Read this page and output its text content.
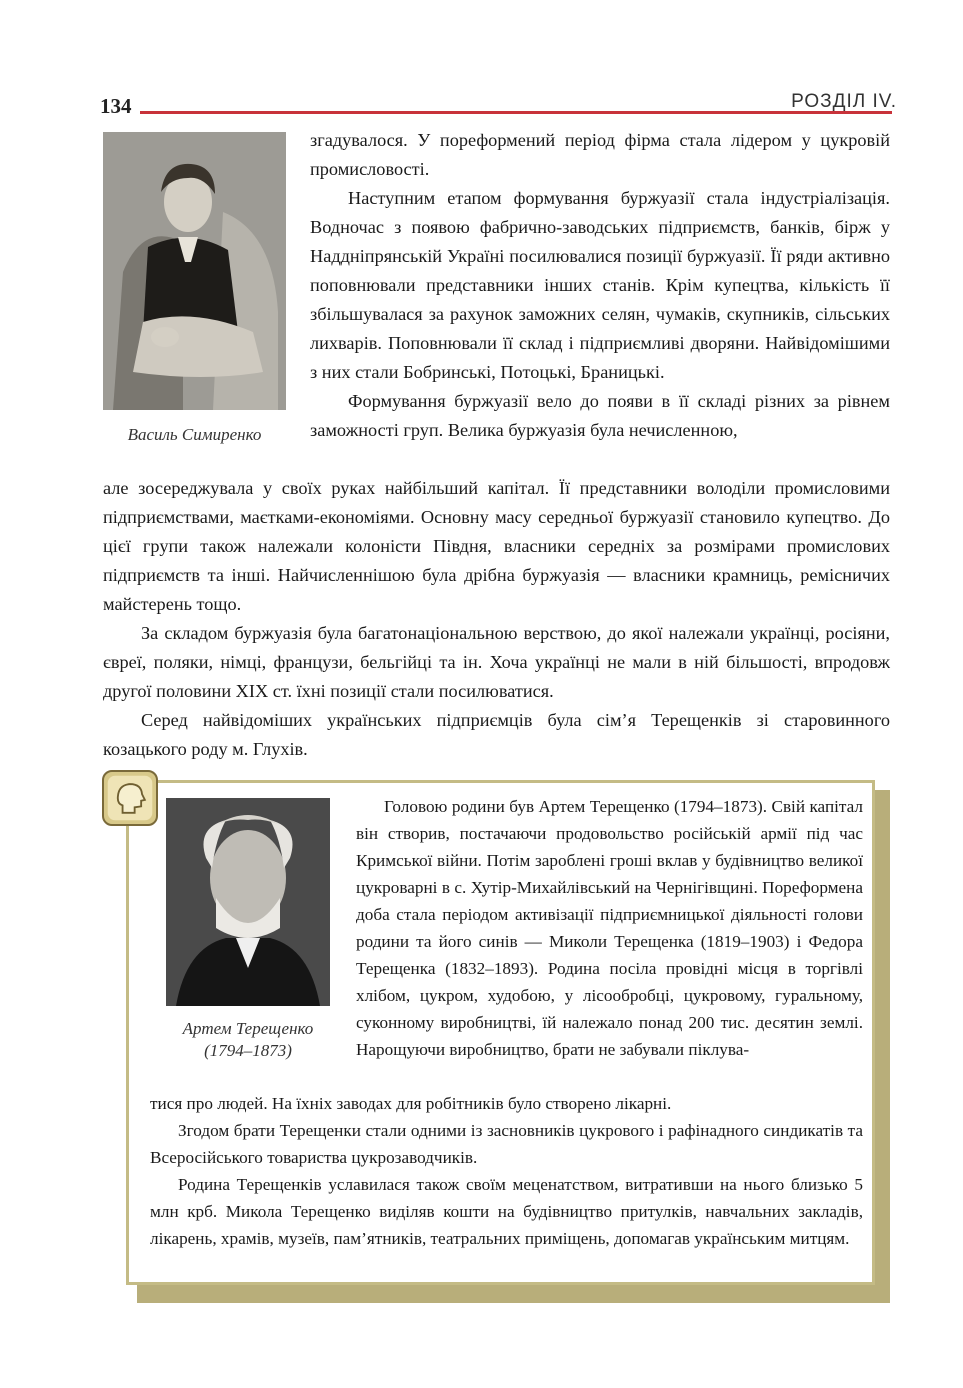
134	РОЗДІЛ IV.
Василь Симиренко

згадувалося. У пореформений період фірма стала лідером у цукровій промисловості.

Наступним етапом формування буржуазії стала індустріалізація. Водночас з появою фабрично-заводських підприємств, банків, бірж у Наддніпрянській Україні посилювалися позиції буржуазії. Її ряди активно поповнювали представники інших станів. Крім купецтва, кількість її збільшувалася за рахунок заможних селян, чумаків, скупників, сільських лихварів. Поповнювали її склад і підприємливі дворяни. Найвідомішими з них стали Бобринські, Потоцькі, Браницькі.

Формування буржуазії вело до появи в її складі різних за рівнем заможності груп. Велика буржуазія була нечисленною,

але зосереджувала у своїх руках найбільший капітал. Її представники володіли промисловими підприємствами, маєтками-економіями. Основну масу середньої буржуазії становило купецтво. До цієї групи також належали колоністи Півдня, власники середніх за розмірами промислових підприємств та інші. Найчисленнішою була дрібна буржуазія — власники крамниць, ремісничих майстерень тощо.

За складом буржуазія була багатонаціональною верствою, до якої належали українці, росіяни, євреї, поляки, німці, французи, бельгійці та ін. Хоча українці не мали в ній більшості, впродовж другої половини XIX ст. їхні позиції стали посилюватися.

Серед найвідоміших українських підприємців була сім’я Терещенків зі старовинного козацького роду м. Глухів.

Артем Терещенко
(1794–1873)

Головою родини був Артем Терещенко (1794–1873). Свій капітал він створив, постачаючи продовольство російській армії під час Кримської війни. Потім зароблені гроші вклав у будівництво великої цукроварні в с. Хутір-Михайлівський на Чернігівщині. Пореформена доба стала періодом активізації підприємницької діяльності голови родини та його синів — Миколи Терещенка (1819–1903) і Федора Терещенка (1832–1893). Родина посіла провідні місця в торгівлі хлібом, цукром, худобою, у лісообробці, цукровому, гуральному, суконному виробництві, їй належало понад 200 тис. десятин землі. Нарощуючи виробництво, брати не забували піклува-

тися про людей. На їхніх заводах для робітників було створено лікарні.

Згодом брати Терещенки стали одними із засновників цукрового і рафінадного синдикатів та Всеросійського товариства цукрозаводчиків.

Родина Терещенків уславилася також своїм меценатством, витративши на нього близько 5 млн крб. Микола Терещенко виділяв кошти на будівництво притулків, навчальних закладів, лікарень, храмів, музеїв, пам’ятників, театральних приміщень, допомагав українським митцям.
